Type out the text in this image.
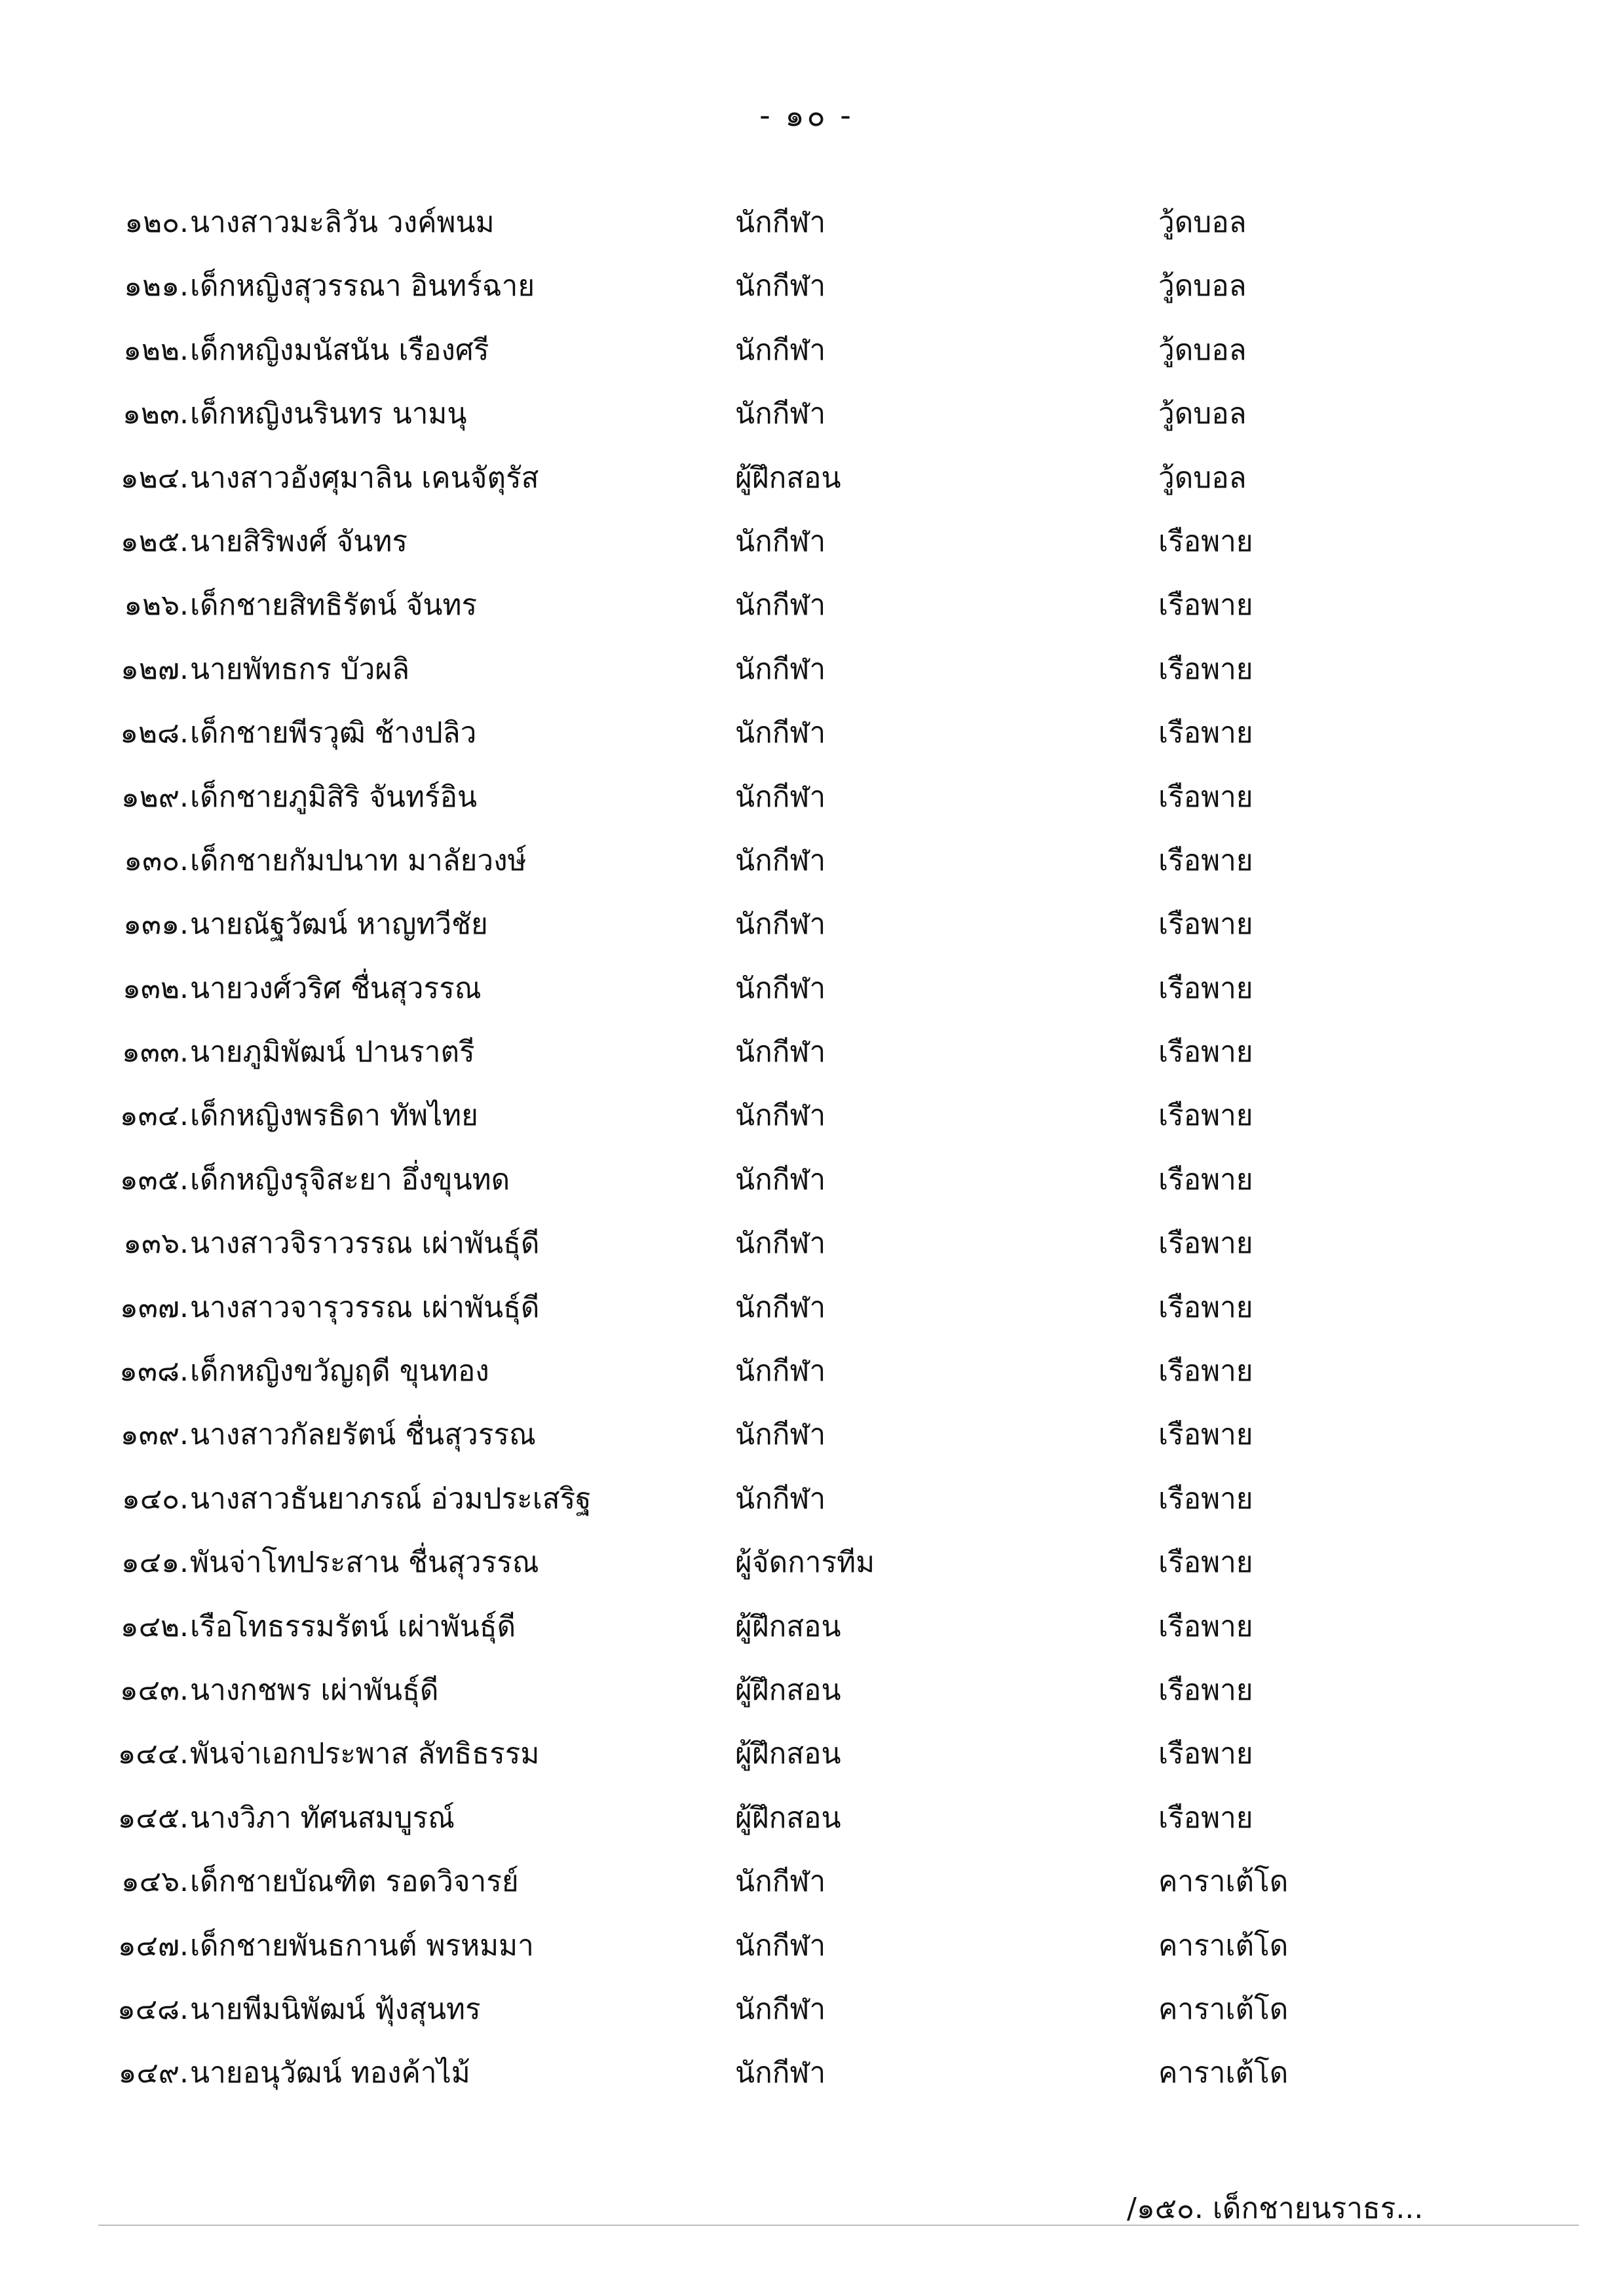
- ๑๐ -
๑๒๐. นางสาวมะลิวัน วงค์พนม	นักกีฬา	วู้ดบอล
๑๒๑. เด็กหญิงสุวรรณา อินทร์ฉาย	นักกีฬา	วู้ดบอล
๑๒๒. เด็กหญิงมนัสนัน เรืองศรี	นักกีฬา	วู้ดบอล
๑๒๓. เด็กหญิงนรินทร นามนุ	นักกีฬา	วู้ดบอล
๑๒๔. นางสาวอังศุมาลิน เคนจัตุรัส	ผู้ฝึกสอน	วู้ดบอล
๑๒๕. นายสิริพงศ์ จันทร	นักกีฬา	เรือพาย
๑๒๖. เด็กชายสิทธิรัตน์ จันทร	นักกีฬา	เรือพาย
๑๒๗. นายพัทธกร บัวผลิ	นักกีฬา	เรือพาย
๑๒๘. เด็กชายพีรวุฒิ ช้างปลิว	นักกีฬา	เรือพาย
๑๒๙. เด็กชายภูมิสิริ จันทร์อิน	นักกีฬา	เรือพาย
๑๓๐. เด็กชายกัมปนาท มาลัยวงษ์	นักกีฬา	เรือพาย
๑๓๑. นายณัฐวัฒน์ หาญทวีชัย	นักกีฬา	เรือพาย
๑๓๒. นายวงศ์วริศ ชื่นสุวรรณ	นักกีฬา	เรือพาย
๑๓๓. นายภูมิพัฒน์ ปานราตรี	นักกีฬา	เรือพาย
๑๓๔. เด็กหญิงพรธิดา ทัพไทย	นักกีฬา	เรือพาย
๑๓๕. เด็กหญิงรุจิสะยา อึ่งขุนทด	นักกีฬา	เรือพาย
๑๓๖. นางสาวจิราวรรณ เผ่าพันธุ์ดี	นักกีฬา	เรือพาย
๑๓๗. นางสาวจารุวรรณ เผ่าพันธุ์ดี	นักกีฬา	เรือพาย
๑๓๘. เด็กหญิงขวัญฤดี ขุนทอง	นักกีฬา	เรือพาย
๑๓๙. นางสาวกัลยรัตน์ ชื่นสุวรรณ	นักกีฬา	เรือพาย
๑๔๐. นางสาวธันยาภรณ์ อ่วมประเสริฐ	นักกีฬา	เรือพาย
๑๔๑. พันจ่าโทประสาน ชื่นสุวรรณ	ผู้จัดการทีม	เรือพาย
๑๔๒. เรือโทธรรมรัตน์ เผ่าพันธุ์ดี	ผู้ฝึกสอน	เรือพาย
๑๔๓. นางกชพร เผ่าพันธุ์ดี	ผู้ฝึกสอน	เรือพาย
๑๔๔. พันจ่าเอกประพาส ลัทธิธรรม	ผู้ฝึกสอน	เรือพาย
๑๔๕. นางวิภา ทัศนสมบูรณ์	ผู้ฝึกสอน	เรือพาย
๑๔๖. เด็กชายบัณฑิต รอดวิจารย์	นักกีฬา	คาราเต้โด
๑๔๗. เด็กชายพันธกานต์ พรหมมา	นักกีฬา	คาราเต้โด
๑๔๘. นายพีมนิพัฒน์ ฟุ้งสุนทร	นักกีฬา	คาราเต้โด
๑๔๙. นายอนุวัฒน์ ทองค้าไม้	นักกีฬา	คาราเต้โด
/๑๕๐. เด็กชายนราธร...
